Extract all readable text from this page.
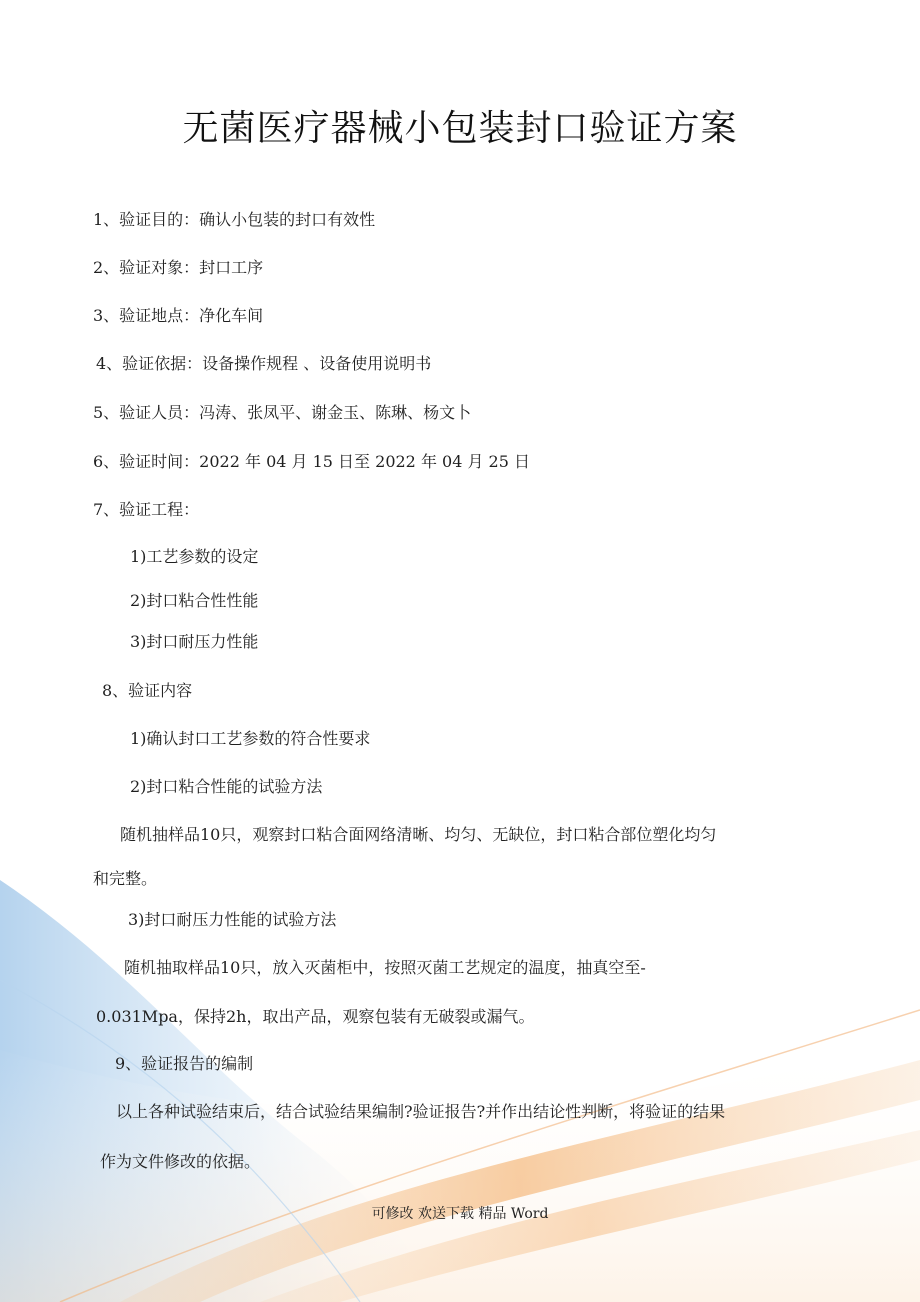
无菌医疗器械小包装封口验证方案
1、验证目的：确认小包装的封口有效性
2、验证对象：封口工序
3、验证地点：净化车间
4、验证依据：设备操作规程 、设备使用说明书
5、验证人员：冯涛、张凤平、谢金玉、陈琳、杨文卜
6、验证时间：2022 年 04 月 15 日至 2022 年 04 月 25 日
7、验证工程：
1)工艺参数的设定
2)封口粘合性性能
3)封口耐压力性能
8、验证内容
1)确认封口工艺参数的符合性要求
2)封口粘合性能的试验方法
随机抽样品10只，观察封口粘合面网络清晰、均匀、无缺位，封口粘合部位塑化均匀
和完整。
3)封口耐压力性能的试验方法
随机抽取样品10只，放入灭菌柜中，按照灭菌工艺规定的温度，抽真空至-
0.031Mpa，保持2h，取出产品，观察包装有无破裂或漏气。
9、验证报告的编制
以上各种试验结束后，结合试验结果编制?验证报告?并作出结论性判断，将验证的结果
作为文件修改的依据。
可修改 欢送下载 精品 Word
